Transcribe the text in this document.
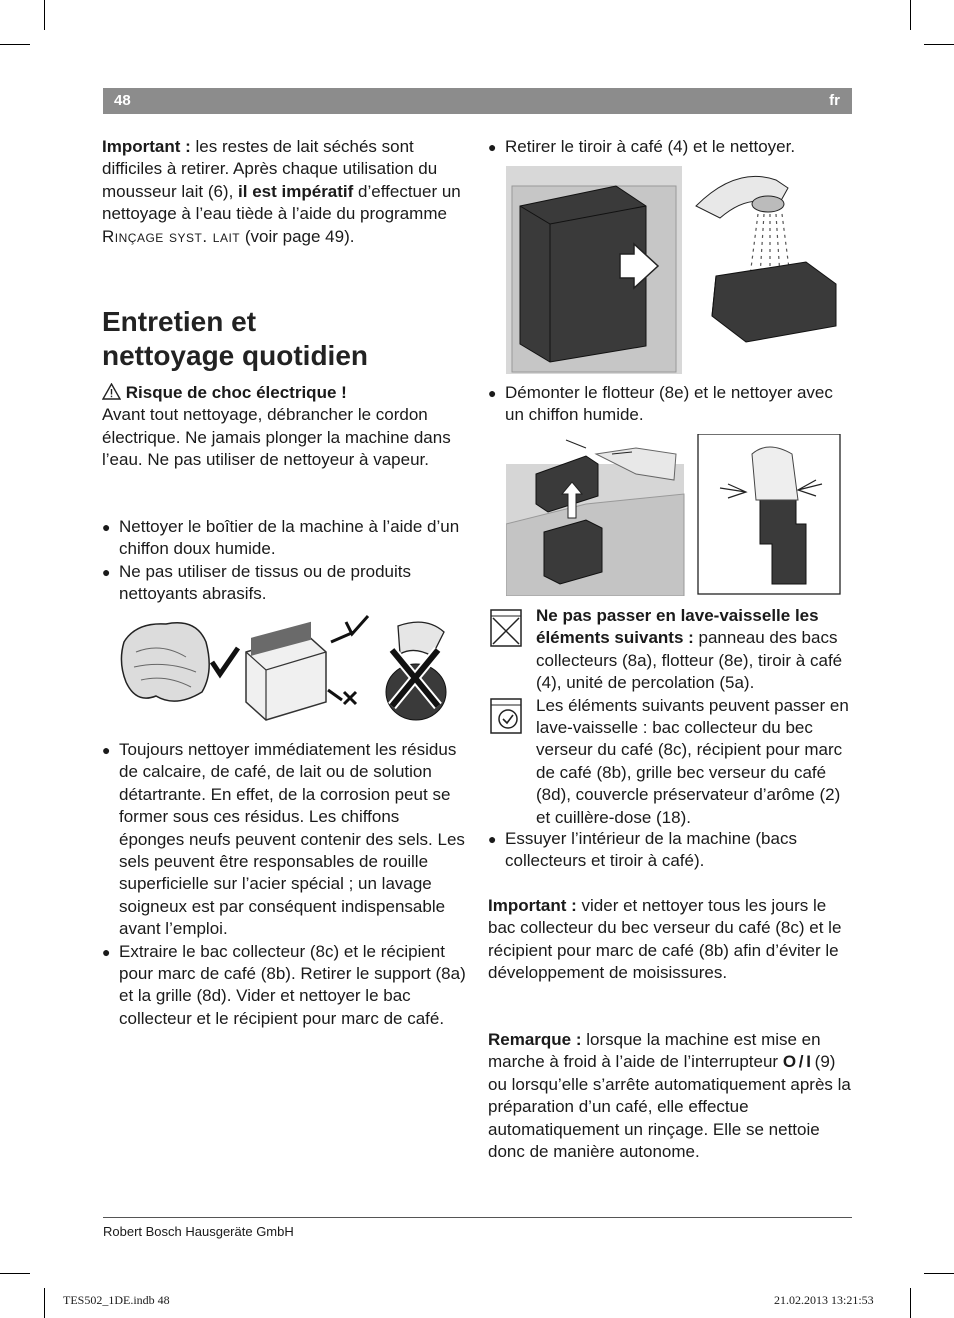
48	fr

Important : les restes de lait séchés sont difficiles à retirer. Après chaque utilisation du mousseur lait (6), il est impératif d’effectuer un nettoyage à l’eau tiède à l’aide du programme Rinçage syst. lait (voir page 49).

Entretien et
nettoyage quotidien

Risque de choc électrique !

Avant tout nettoyage, débrancher le cordon électrique. Ne jamais plonger la machine dans l’eau. Ne pas utiliser de nettoyeur à vapeur.

● Nettoyer le boîtier de la machine à l’aide d’un chiffon doux humide.
● Ne pas utiliser de tissus ou de produits nettoyants abrasifs.
● Toujours nettoyer immédiatement les résidus de calcaire, de café, de lait ou de solution détartrante. En effet, de la corrosion peut se former sous ces résidus. Les chiffons éponges neufs peuvent contenir des sels. Les sels peuvent être responsables de rouille superficielle sur l’acier spécial ; un lavage soigneux est par conséquent indispensable avant l’emploi.
● Extraire le bac collecteur (8c) et le récipient pour marc de café (8b). Retirer le support (8a) et la grille (8d). Vider et nettoyer le bac collecteur et le récipient pour marc de café.
● Retirer le tiroir à café (4) et le nettoyer.
● Démonter le flotteur (8e) et le nettoyer avec un chiffon humide.

Ne pas passer en lave-vaisselle les éléments suivants : panneau des bacs collecteurs (8a), flotteur (8e), tiroir à café (4), unité de percolation (5a).

Les éléments suivants peuvent passer en lave-vaisselle : bac collecteur du bec verseur du café (8c), récipient pour marc de café (8b), grille bec verseur du café (8d), couvercle préservateur d’arôme (2) et cuillère-dose (18).

● Essuyer l’intérieur de la machine (bacs collecteurs et tiroir à café).

Important : vider et nettoyer tous les jours le bac collecteur du bec verseur du café (8c) et le récipient pour marc de café (8b) afin d’éviter le développement de moisissures.

Remarque : lorsque la machine est mise en marche à froid à l’aide de l’interrupteur O / I (9) ou lorsqu’elle s’arrête automatiquement après la préparation d’un café, elle effectue automatiquement un rinçage. Elle se nettoie donc de manière autonome.

Robert Bosch Hausgeräte GmbH
TES502_1DE.indb 48	21.02.2013 13:21:53
